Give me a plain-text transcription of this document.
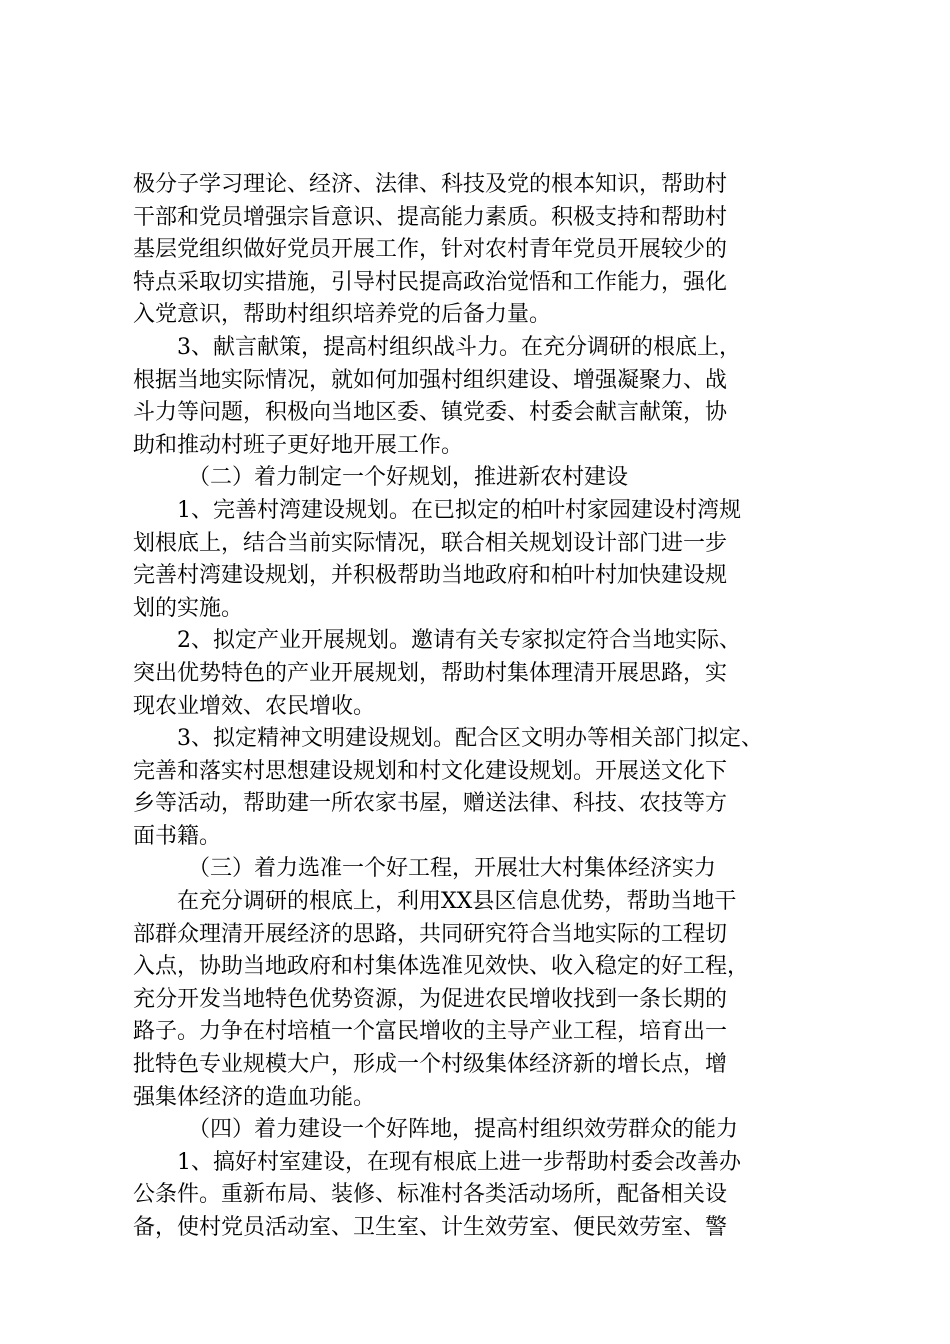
极分子学习理论、经济、法律、科技及党的根本知识，帮助村
干部和党员增强宗旨意识、提高能力素质。积极支持和帮助村
基层党组织做好党员开展工作，针对农村青年党员开展较少的
特点采取切实措施，引导村民提高政治觉悟和工作能力，强化
入党意识，帮助村组织培养党的后备力量。
3、献言献策，提高村组织战斗力。在充分调研的根底上，
根据当地实际情况，就如何加强村组织建设、增强凝聚力、战
斗力等问题，积极向当地区委、镇党委、村委会献言献策，协
助和推动村班子更好地开展工作。
（二）着力制定一个好规划，推进新农村建设
1、完善村湾建设规划。在已拟定的柏叶村家园建设村湾规
划根底上，结合当前实际情况，联合相关规划设计部门进一步
完善村湾建设规划，并积极帮助当地政府和柏叶村加快建设规
划的实施。
2、拟定产业开展规划。邀请有关专家拟定符合当地实际、
突出优势特色的产业开展规划，帮助村集体理清开展思路，实
现农业增效、农民增收。
3、拟定精神文明建设规划。配合区文明办等相关部门拟定、
完善和落实村思想建设规划和村文化建设规划。开展送文化下
乡等活动，帮助建一所农家书屋，赠送法律、科技、农技等方
面书籍。
（三）着力选准一个好工程，开展壮大村集体经济实力
在充分调研的根底上，利用XX县区信息优势，帮助当地干
部群众理清开展经济的思路，共同研究符合当地实际的工程切
入点，协助当地政府和村集体选准见效快、收入稳定的好工程，
充分开发当地特色优势资源，为促进农民增收找到一条长期的
路子。力争在村培植一个富民增收的主导产业工程，培育出一
批特色专业规模大户，形成一个村级集体经济新的增长点，增
强集体经济的造血功能。
（四）着力建设一个好阵地，提高村组织效劳群众的能力
1、搞好村室建设，在现有根底上进一步帮助村委会改善办
公条件。重新布局、装修、标准村各类活动场所，配备相关设
备，使村党员活动室、卫生室、计生效劳室、便民效劳室、警
